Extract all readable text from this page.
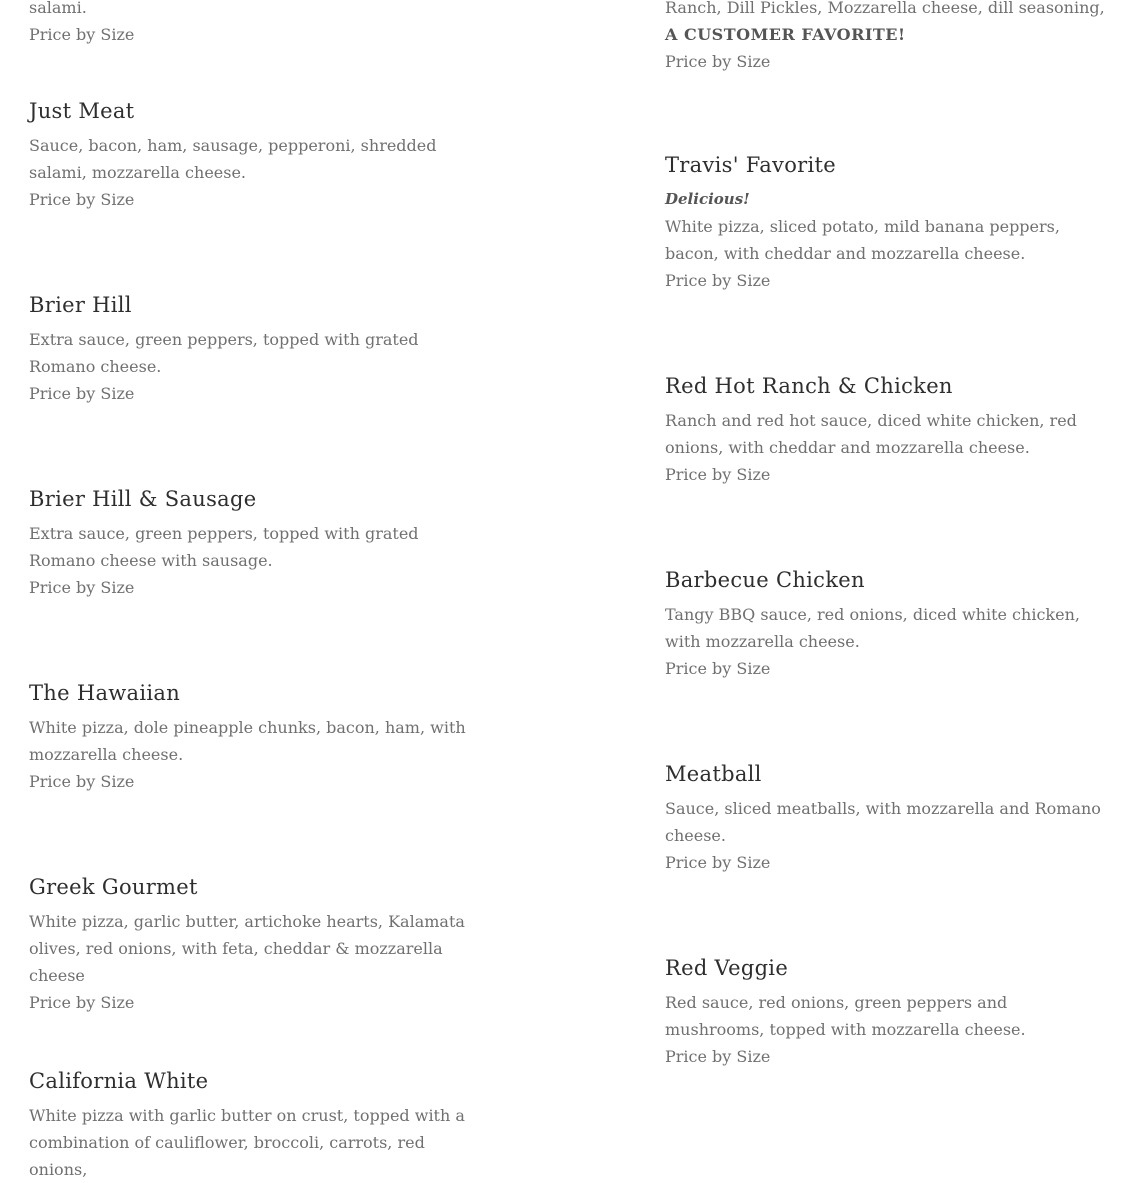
salami.
Price by Size
Just Meat
Sauce, bacon, ham, sausage, pepperoni, shredded salami, mozzarella cheese.
Price by Size
Brier Hill
Extra sauce, green peppers, topped with grated Romano cheese.
Price by Size
Brier Hill & Sausage
Extra sauce, green peppers, topped with grated Romano cheese with sausage.
Price by Size
The Hawaiian
White pizza, dole pineapple chunks, bacon, ham, with mozzarella cheese.
Price by Size
Greek Gourmet
White pizza, garlic butter, artichoke hearts, Kalamata olives, red onions, with feta, cheddar & mozzarella cheese
Price by Size
California White
White pizza with garlic butter on crust, topped with a combination of cauliflower, broccoli, carrots, red onions,
Ranch, Dill Pickles, Mozzarella cheese, dill seasoning,
A CUSTOMER FAVORITE!
Price by Size
Travis' Favorite
Delicious!
White pizza, sliced potato, mild banana peppers, bacon, with cheddar and mozzarella cheese.
Price by Size
Red Hot Ranch & Chicken
Ranch and red hot sauce, diced white chicken, red onions, with cheddar and mozzarella cheese.
Price by Size
Barbecue Chicken
Tangy BBQ sauce, red onions, diced white chicken, with mozzarella cheese.
Price by Size
Meatball
Sauce, sliced meatballs, with mozzarella and Romano cheese.
Price by Size
Red Veggie
Red sauce, red onions, green peppers and mushrooms, topped with mozzarella cheese.
Price by Size
